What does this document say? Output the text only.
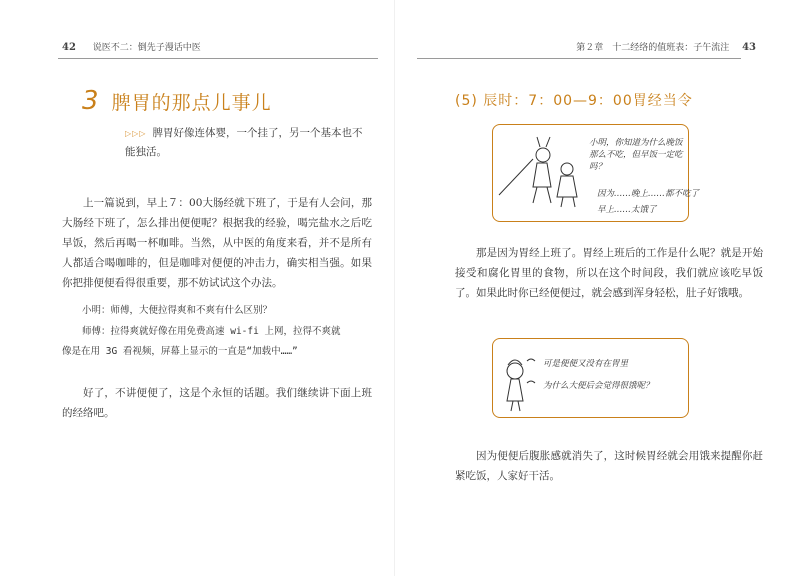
42 说医不二：倒先子漫话中医
3 脾胃的那点儿事儿
▷▷▷ 脾胃好像连体婴，一个挂了，另一个基本也不能独活。
上一篇说到，早上７：00大肠经就下班了，于是有人会问，那大肠经下班了，怎么排出便便呢？根据我的经验，喝完盐水之后吃早饭，然后再喝一杯咖啡。当然，从中医的角度来看，并不是所有人都适合喝咖啡的，但是咖啡对便便的冲击力，确实相当强。如果你把排便便看得很重要，那不妨试试这个办法。
小明：师傅，大便拉得爽和不爽有什么区别？
师傅：拉得爽就好像在用免费高速 wi-fi 上网，拉得不爽就
像是在用 3G 看视频，屏幕上显示的一直是“加载中……”
好了，不讲便便了，这是个永恒的话题。我们继续讲下面上班的经络吧。
第２章　十二经络的值班表：子午流注 43
(5) 辰时：7：00—9：00胃经当令
小明，你知道为什么晚饭那么不吃，但早饭一定吃吗？
因为……晚上……都不吃了
早上……太饿了
那是因为胃经上班了。胃经上班后的工作是什么呢？就是开始接受和腐化胃里的食物，所以在这个时间段，我们就应该吃早饭了。如果此时你已经便便过，就会感到浑身轻松，肚子好饿哦。
可是便便又没有在胃里
为什么大便后会觉得很饿呢？
因为便便后腹胀感就消失了，这时候胃经就会用饿来提醒你赶紧吃饭，人家好干活。
